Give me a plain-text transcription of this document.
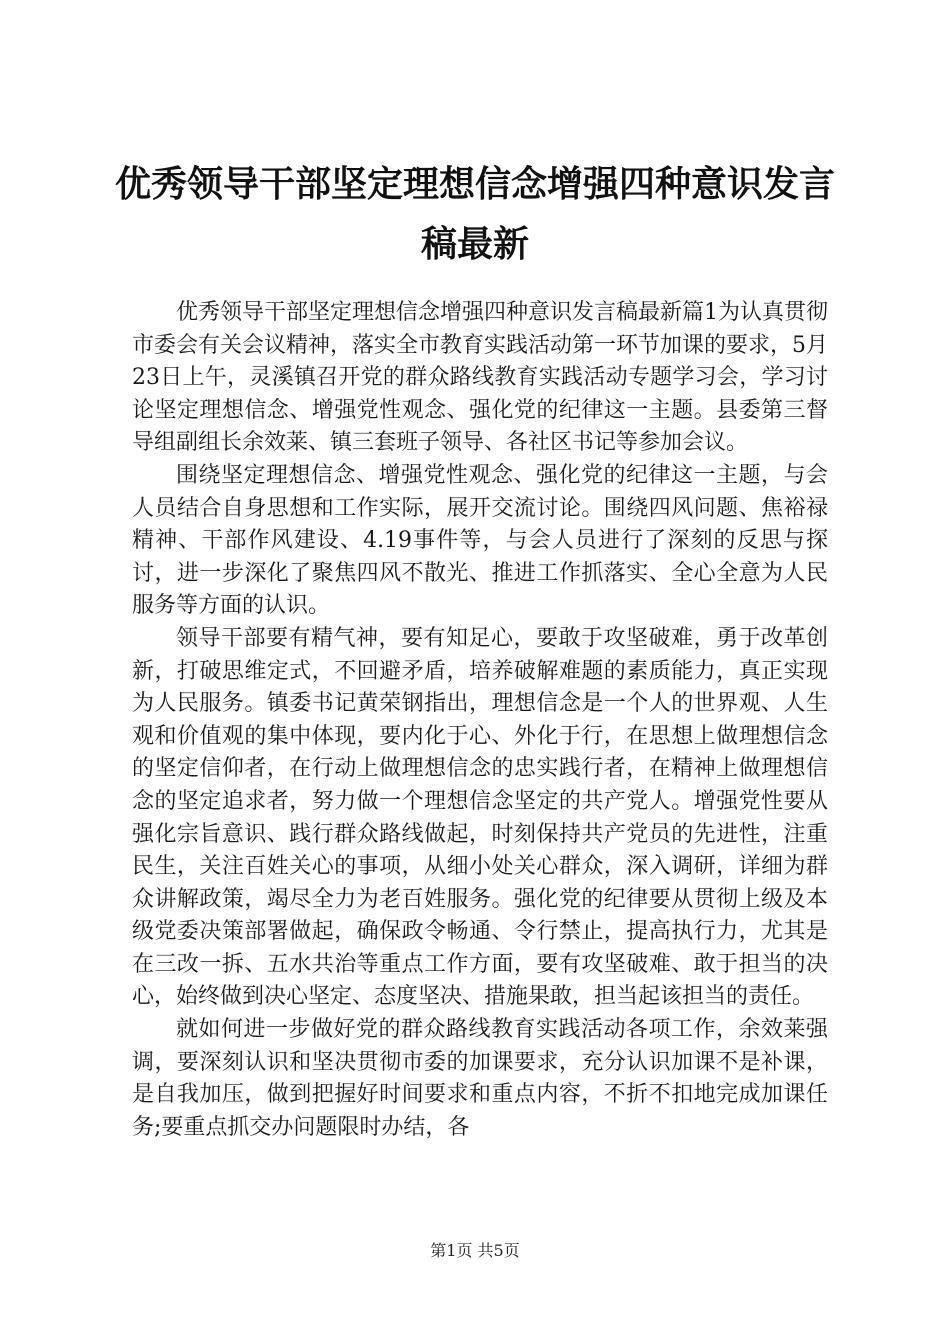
优秀领导干部坚定理想信念增强四种意识发言稿最新

优秀领导干部坚定理想信念增强四种意识发言稿最新篇1为认真贯彻市委会有关会议精神，落实全市教育实践活动第一环节加课的要求，5月23日上午，灵溪镇召开党的群众路线教育实践活动专题学习会，学习讨论坚定理想信念、增强党性观念、强化党的纪律这一主题。县委第三督导组副组长余效莱、镇三套班子领导、各社区书记等参加会议。

围绕坚定理想信念、增强党性观念、强化党的纪律这一主题，与会人员结合自身思想和工作实际，展开交流讨论。围绕四风问题、焦裕禄精神、干部作风建设、4.19事件等，与会人员进行了深刻的反思与探讨，进一步深化了聚焦四风不散光、推进工作抓落实、全心全意为人民服务等方面的认识。

领导干部要有精气神，要有知足心，要敢于攻坚破难，勇于改革创新，打破思维定式，不回避矛盾，培养破解难题的素质能力，真正实现为人民服务。镇委书记黄荣钢指出，理想信念是一个人的世界观、人生观和价值观的集中体现，要内化于心、外化于行，在思想上做理想信念的坚定信仰者，在行动上做理想信念的忠实践行者，在精神上做理想信念的坚定追求者，努力做一个理想信念坚定的共产党人。增强党性要从强化宗旨意识、践行群众路线做起，时刻保持共产党员的先进性，注重民生，关注百姓关心的事项，从细小处关心群众，深入调研，详细为群众讲解政策，竭尽全力为老百姓服务。强化党的纪律要从贯彻上级及本级党委决策部署做起，确保政令畅通、令行禁止，提高执行力，尤其是在三改一拆、五水共治等重点工作方面，要有攻坚破难、敢于担当的决心，始终做到决心坚定、态度坚决、措施果敢，担当起该担当的责任。

就如何进一步做好党的群众路线教育实践活动各项工作，余效莱强调，要深刻认识和坚决贯彻市委的加课要求，充分认识加课不是补课，是自我加压，做到把握好时间要求和重点内容，不折不扣地完成加课任务;要重点抓交办问题限时办结，各

第1页 共5页
